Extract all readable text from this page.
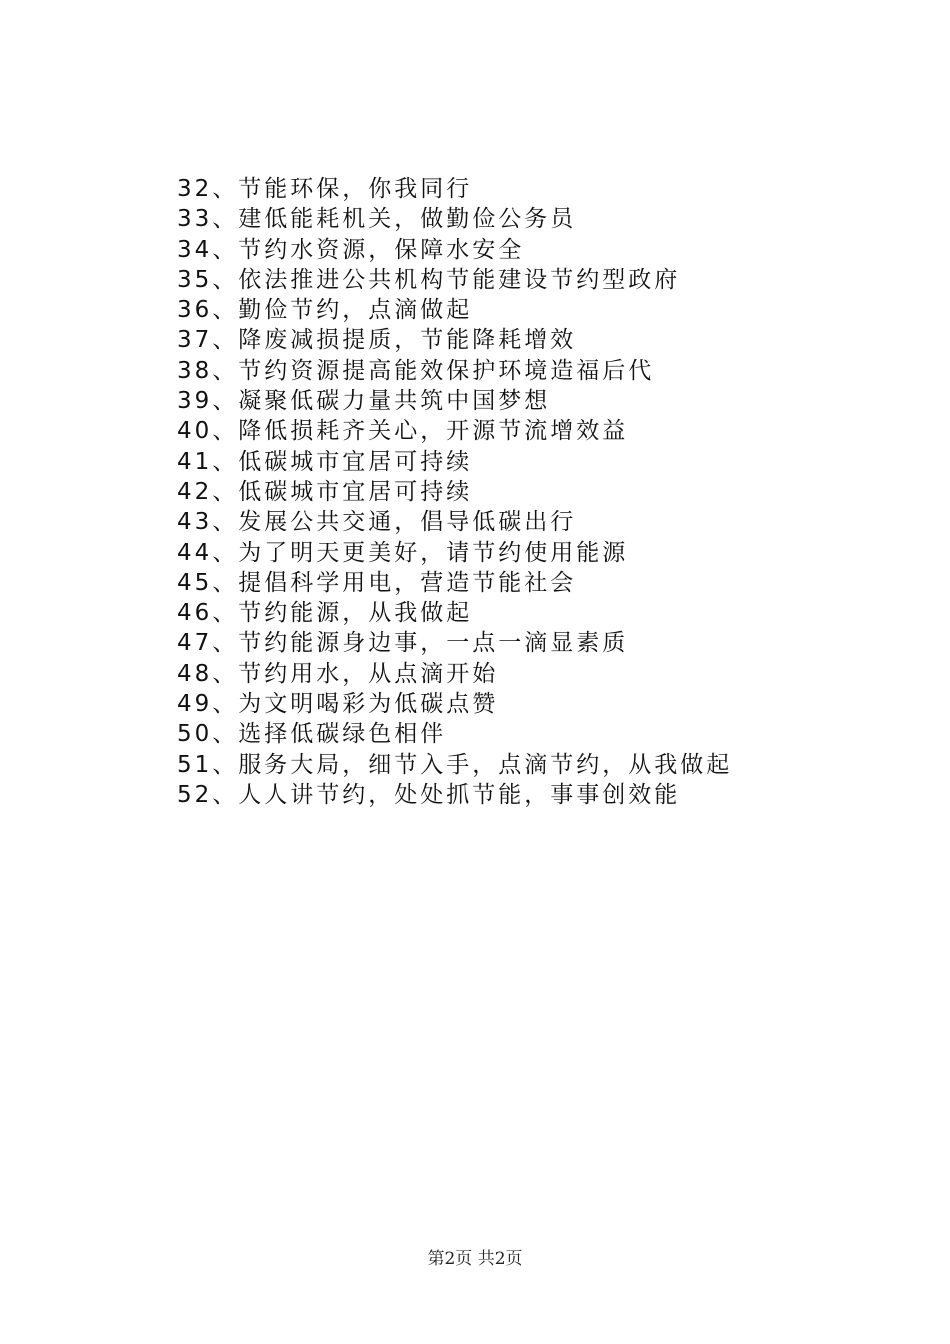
32、节能环保，你我同行
33、建低能耗机关，做勤俭公务员
34、节约水资源，保障水安全
35、依法推进公共机构节能建设节约型政府
36、勤俭节约，点滴做起
37、降废减损提质，节能降耗增效
38、节约资源提高能效保护环境造福后代
39、凝聚低碳力量共筑中国梦想
40、降低损耗齐关心，开源节流增效益
41、低碳城市宜居可持续
42、低碳城市宜居可持续
43、发展公共交通，倡导低碳出行
44、为了明天更美好，请节约使用能源
45、提倡科学用电，营造节能社会
46、节约能源，从我做起
47、节约能源身边事，一点一滴显素质
48、节约用水，从点滴开始
49、为文明喝彩为低碳点赞
50、选择低碳绿色相伴
51、服务大局，细节入手，点滴节约，从我做起
52、人人讲节约，处处抓节能，事事创效能
第2页 共2页
